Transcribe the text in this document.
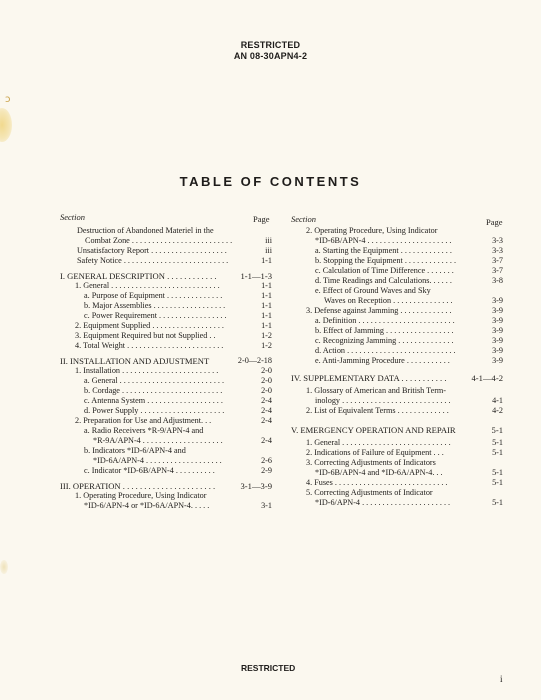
ͻ
RESTRICTED
AN 08-30APN4-2
TABLE OF CONTENTS
Section	Page	Section	Page
Destruction of Abandoned Materiel in the
Combat Zone . . . . . . . . . . . . . . . . . . . . . . . . .	iii
Unsatisfactory Report . . . . . . . . . . . . . . . . . . .	iii
Safety Notice . . . . . . . . . . . . . . . . . . . . . . . . . .	1-1
I. GENERAL DESCRIPTION . . . . . . . . . . . .	1-1—1-3
1. General . . . . . . . . . . . . . . . . . . . . . . . . . . .	1-1
a. Purpose of Equipment . . . . . . . . . . . . . .	1-1
b. Major Assemblies . . . . . . . . . . . . . . . . . .	1-1
c. Power Requirement . . . . . . . . . . . . . . . . .	1-1
2. Equipment Supplied . . . . . . . . . . . . . . . . . .	1-1
3. Equipment Required but not Supplied . .	1-2
4. Total Weight . . . . . . . . . . . . . . . . . . . . . . . .	1-2
II. INSTALLATION AND ADJUSTMENT	2-0—2-18
1. Installation . . . . . . . . . . . . . . . . . . . . . . . .	2-0
a. General . . . . . . . . . . . . . . . . . . . . . . . . . .	2-0
b. Cordage . . . . . . . . . . . . . . . . . . . . . . . . .	2-0
c. Antenna System . . . . . . . . . . . . . . . . . . .	2-4
d. Power Supply . . . . . . . . . . . . . . . . . . . . .	2-4
2. Preparation for Use and Adjustment. . .	2-4
a. Radio Receivers *R-9/APN-4 and
*R-9A/APN-4 . . . . . . . . . . . . . . . . . . . .	2-4
b. Indicators *ID-6/APN-4 and
*ID-6A/APN-4 . . . . . . . . . . . . . . . . . . .	2-6
c. Indicator *ID-6B/APN-4 . . . . . . . . . .	2-9
III. OPERATION . . . . . . . . . . . . . . . . . . . . . .	3-1—3-9
1. Operating Procedure, Using Indicator
*ID-6/APN-4 or *ID-6A/APN-4. . . . .	3-1
2. Operating Procedure, Using Indicator
*ID-6B/APN-4 . . . . . . . . . . . . . . . . . . . . .	3-3
a. Starting the Equipment . . . . . . . . . . . . .	3-3
b. Stopping the Equipment . . . . . . . . . . . . .	3-7
c. Calculation of Time Difference . . . . . . .	3-7
d. Time Readings and Calculations. . . . . .	3-8
e. Effect of Ground Waves and Sky
Waves on Reception . . . . . . . . . . . . . . .	3-9
3. Defense against Jamming . . . . . . . . . . . . .	3-9
a. Definition . . . . . . . . . . . . . . . . . . . . . . . .	3-9
b. Effect of Jamming . . . . . . . . . . . . . . . . .	3-9
c. Recognizing Jamming . . . . . . . . . . . . . .	3-9
d. Action . . . . . . . . . . . . . . . . . . . . . . . . . . .	3-9
e. Anti-Jamming Procedure . . . . . . . . . . .	3-9
IV. SUPPLEMENTARY DATA . . . . . . . . . . .	4-1—4-2
1. Glossary of American and British Term-
inology . . . . . . . . . . . . . . . . . . . . . . . . . . .	4-1
2. List of Equivalent Terms . . . . . . . . . . . . .	4-2
V. EMERGENCY OPERATION AND REPAIR	5-1
1. General . . . . . . . . . . . . . . . . . . . . . . . . . . .	5-1
2. Indications of Failure of Equipment . . .	5-1
3. Correcting Adjustments of Indicators
*ID-6B/APN-4 and *ID-6A/APN-4. . .	5-1
4. Fuses . . . . . . . . . . . . . . . . . . . . . . . . . . . .	5-1
5. Correcting Adjustments of Indicator
*ID-6/APN-4 . . . . . . . . . . . . . . . . . . . . . .	5-1
RESTRICTED
i
